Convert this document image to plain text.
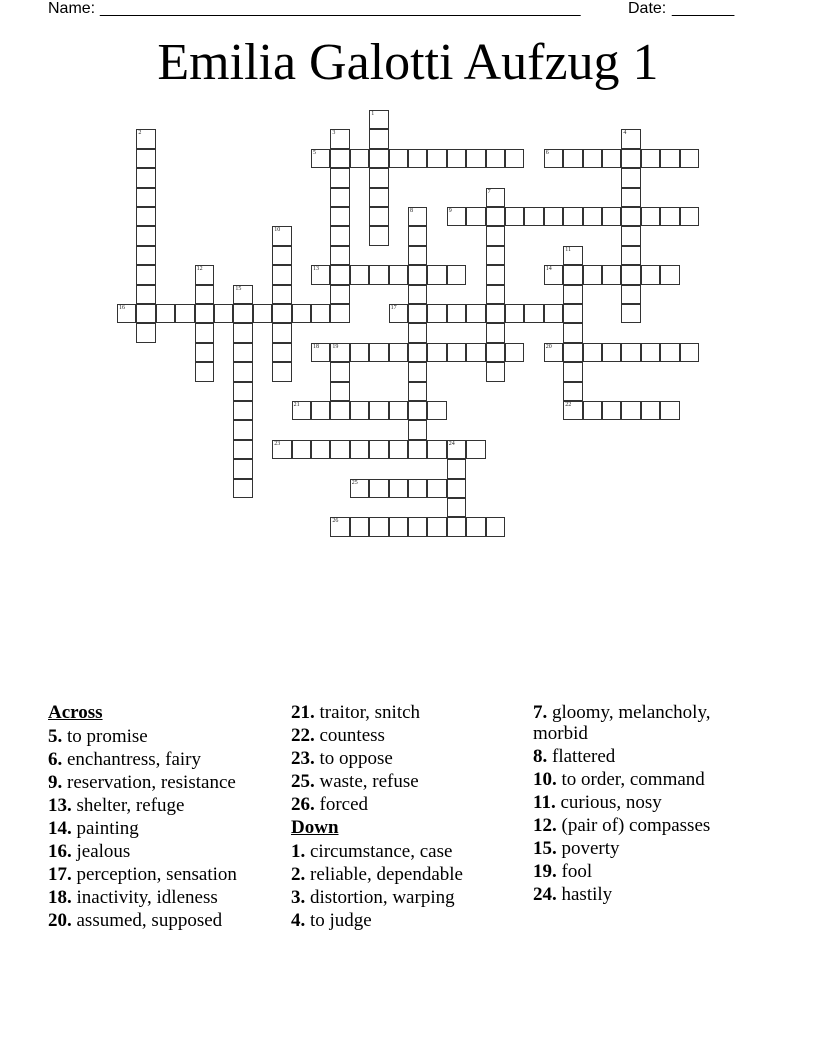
Name: ______________________________________________________	Date: _______
Emilia Galotti Aufzug 1
1
2	3	4
5	6
7
8	9
10
11
22
12	13	14
15
16	17
18 19	20
21
23	24
25
26
Across
5. to promise
6. enchantress, fairy
9. reservation, resistance
13. shelter, refuge
14. painting
16. jealous
17. perception, sensation
18. inactivity, idleness
20. assumed, supposed
21. traitor, snitch
22. countess
23. to oppose
25. waste, refuse
26. forced
Down
1. circumstance, case
2. reliable, dependable
3. distortion, warping
4. to judge
7. gloomy, melancholy, morbid
8. flattered
10. to order, command
11. curious, nosy
12. (pair of) compasses
15. poverty
19. fool
24. hastily
